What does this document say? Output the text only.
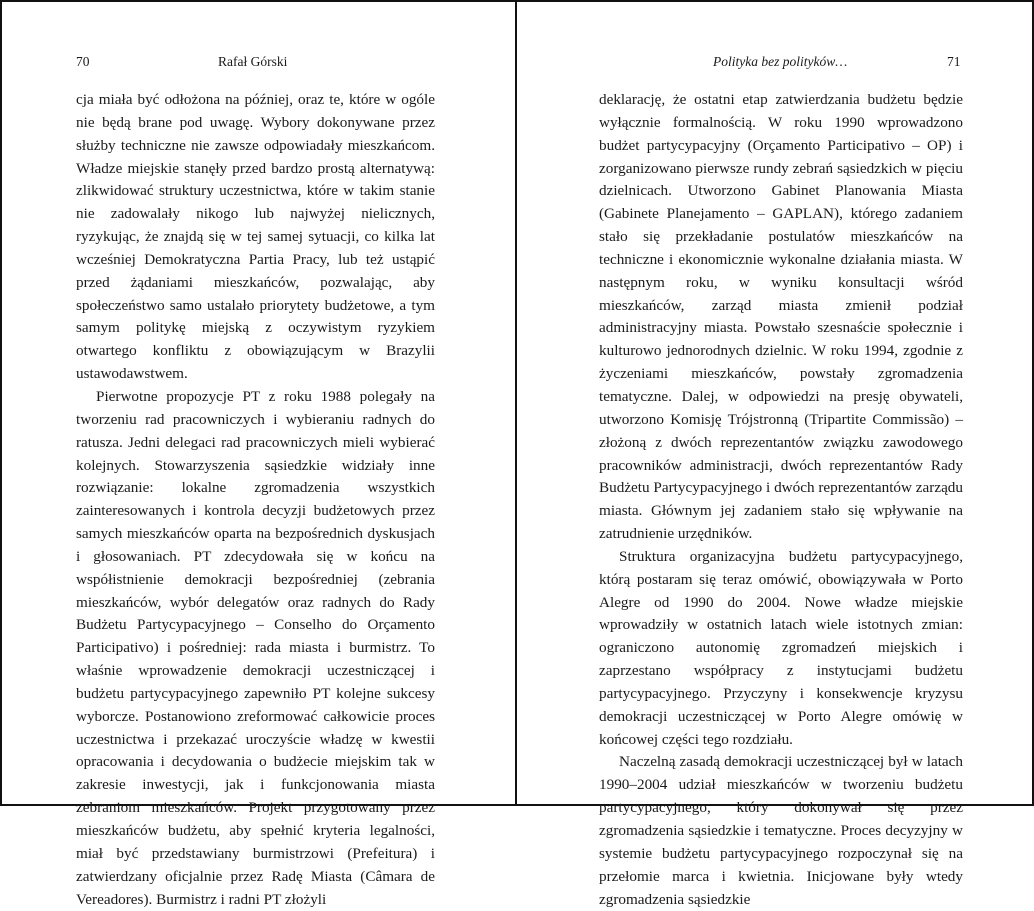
70	Rafał Górski

cja miała być odłożona na później, oraz te, które w ogóle nie będą brane pod uwagę. Wybory dokonywane przez służby techniczne nie zawsze odpowiadały mieszkańcom. Władze miejskie stanęły przed bardzo prostą alternatywą: zlikwidować struktury uczestnictwa, które w takim stanie nie zadowalały nikogo lub najwyżej nielicznych, ryzykując, że znajdą się w tej samej sytuacji, co kilka lat wcześniej Demokratyczna Partia Pracy, lub też ustąpić przed żądaniami mieszkańców, pozwalając, aby społeczeństwo samo ustalało priorytety budżetowe, a tym samym politykę miejską z oczywistym ryzykiem otwartego konfliktu z obowiązującym w Brazylii ustawodawstwem.

Pierwotne propozycje PT z roku 1988 polegały na tworzeniu rad pracowniczych i wybieraniu radnych do ratusza. Jedni delegaci rad pracowniczych mieli wybierać kolejnych. Stowarzyszenia sąsiedzkie widziały inne rozwiązanie: lokalne zgromadzenia wszystkich zainteresowanych i kontrola decyzji budżetowych przez samych mieszkańców oparta na bezpośrednich dyskusjach i głosowaniach. PT zdecydowała się w końcu na współistnienie demokracji bezpośredniej (zebrania mieszkańców, wybór delegatów oraz radnych do Rady Budżetu Partycypacyjnego – Conselho do Orçamento Participativo) i pośredniej: rada miasta i burmistrz. To właśnie wprowadzenie demokracji uczestniczącej i budżetu partycypacyjnego zapewniło PT kolejne sukcesy wyborcze. Postanowiono zreformować całkowicie proces uczestnictwa i przekazać uroczyście władzę w kwestii opracowania i decydowania o budżecie miejskim tak w zakresie inwestycji, jak i funkcjonowania miasta zebraniom mieszkańców. Projekt przygotowany przez mieszkańców budżetu, aby spełnić kryteria legalności, miał być przedstawiany burmistrzowi (Prefeitura) i zatwierdzany oficjalnie przez Radę Miasta (Câmara de Vereadores). Burmistrz i radni PT złożyli

Polityka bez polityków…	71

deklarację, że ostatni etap zatwierdzania budżetu będzie wyłącznie formalnością. W roku 1990 wprowadzono budżet partycypacyjny (Orçamento Participativo – OP) i zorganizowano pierwsze rundy zebrań sąsiedzkich w pięciu dzielnicach. Utworzono Gabinet Planowania Miasta (Gabinete Planejamento – GAPLAN), którego zadaniem stało się przekładanie postulatów mieszkańców na techniczne i ekonomicznie wykonalne działania miasta. W następnym roku, w wyniku konsultacji wśród mieszkańców, zarząd miasta zmienił podział administracyjny miasta. Powstało szesnaście społecznie i kulturowo jednorodnych dzielnic. W roku 1994, zgodnie z życzeniami mieszkańców, powstały zgromadzenia tematyczne. Dalej, w odpowiedzi na presję obywateli, utworzono Komisję Trójstronną (Tripartite Commissão) – złożoną z dwóch reprezentantów związku zawodowego pracowników administracji, dwóch reprezentantów Rady Budżetu Partycypacyjnego i dwóch reprezentantów zarządu miasta. Głównym jej zadaniem stało się wpływanie na zatrudnienie urzędników.

Struktura organizacyjna budżetu partycypacyjnego, którą postaram się teraz omówić, obowiązywała w Porto Alegre od 1990 do 2004. Nowe władze miejskie wprowadziły w ostatnich latach wiele istotnych zmian: ograniczono autonomię zgromadzeń miejskich i zaprzestano współpracy z instytucjami budżetu partycypacyjnego. Przyczyny i konsekwencje kryzysu demokracji uczestniczącej w Porto Alegre omówię w końcowej części tego rozdziału.

Naczelną zasadą demokracji uczestniczącej był w latach 1990–2004 udział mieszkańców w tworzeniu budżetu partycypacyjnego, który dokonywał się przez zgromadzenia sąsiedzkie i tematyczne. Proces decyzyjny w systemie budżetu partycypacyjnego rozpoczynał się na przełomie marca i kwietnia. Inicjowane były wtedy zgromadzenia sąsiedzkie
